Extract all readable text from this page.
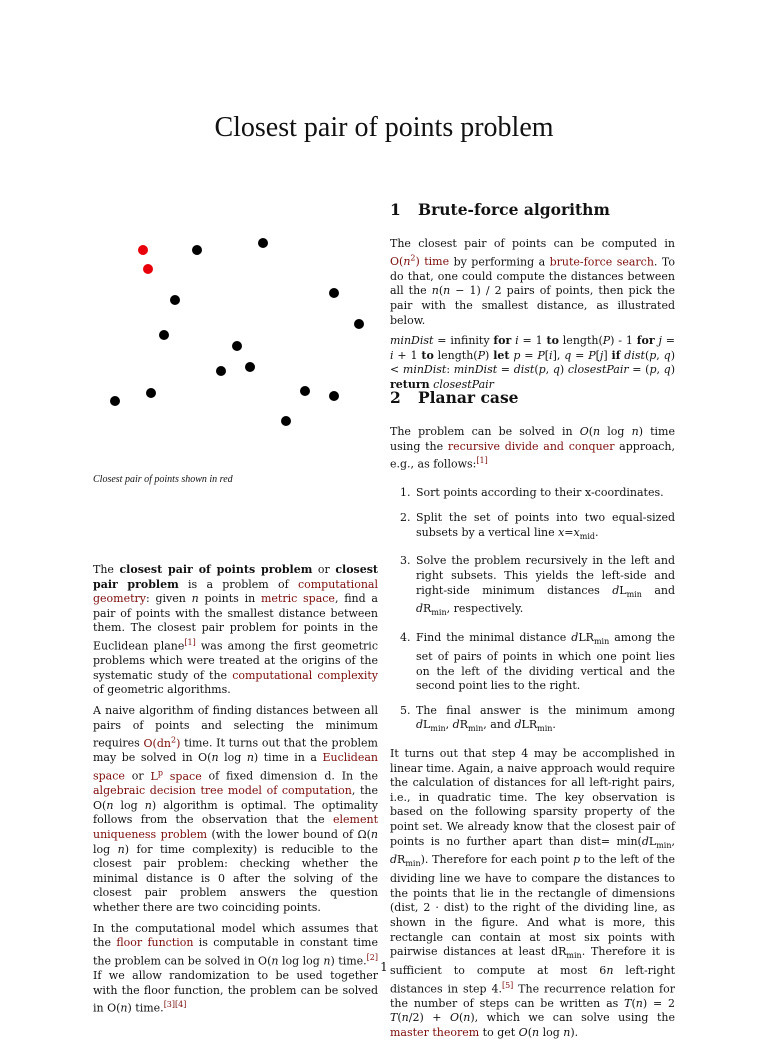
Closest pair of points problem
Closest pair of points shown in red

The closest pair of points problem or closest pair problem is a problem of computational geometry: given n points in metric space, find a pair of points with the smallest distance between them. The closest pair problem for points in the Euclidean plane[1] was among the first geometric problems which were treated at the origins of the systematic study of the computational complexity of geometric algorithms.

A naive algorithm of finding distances between all pairs of points and selecting the minimum requires $O(dn^2)$ time. It turns out that the problem may be solved in O(n log n) time in a Euclidean space or $L^p$ space of fixed dimension d. In the algebraic decision tree model of computation, the O(n log n) algorithm is optimal. The optimality follows from the observation that the element uniqueness problem (with the lower bound of Ω(n log n) for time complexity) is reducible to the closest pair problem: checking whether the minimal distance is 0 after the solving of the closest pair problem answers the question whether there are two coinciding points.

In the computational model which assumes that the floor function is computable in constant time the problem can be solved in O(n log log n) time.[2] If we allow randomization to be used together with the floor function, the problem can be solved in O(n) time.[3][4]

1 Brute-force algorithm

The closest pair of points can be computed in $O(n^2)$ time by performing a brute-force search. To do that, one could compute the distances between all the n(n − 1) / 2 pairs of points, then pick the pair with the smallest distance, as illustrated below.

minDist = infinity for i = 1 to length(P) - 1 for j = i + 1 to length(P) let p = P[i], q = P[j] if dist(p, q) < minDist: minDist = dist(p, q) closestPair = (p, q) return closestPair

2 Planar case

The problem can be solved in O(n log n) time using the recursive divide and conquer approach, e.g., as follows:[1]

1. Sort points according to their x-coordinates.
2. Split the set of points into two equal-sized subsets by a vertical line $x=x_{mid}$.
3. Solve the problem recursively in the left and right subsets. This yields the left-side and right-side minimum distances $dL_{min}$ and $dR_{min}$, respectively.
4. Find the minimal distance dLR$_{min}$ among the set of pairs of points in which one point lies on the left of the dividing vertical and the second point lies to the right.
5. The final answer is the minimum among $dL_{min}$, $dR_{min}$, and dLR$_{min}$.

It turns out that step 4 may be accomplished in linear time. Again, a naive approach would require the calculation of distances for all left-right pairs, i.e., in quadratic time. The key observation is based on the following sparsity property of the point set. We already know that the closest pair of points is no further apart than dist= $\min(dL_{min}$, $dR_{min}$). Therefore for each point p to the left of the dividing line we have to compare the distances to the points that lie in the rectangle of dimensions (dist, 2 · dist) to the right of the dividing line, as shown in the figure. And what is more, this rectangle can contain at most six points with pairwise distances at least $dR_{min}$. Therefore it is sufficient to compute at most 6n left-right distances in step 4.[5] The recurrence relation for the number of steps can be written as T(n) = 2 T(n/2) + O(n), which we can solve using the master theorem to get O(n log n).

1
